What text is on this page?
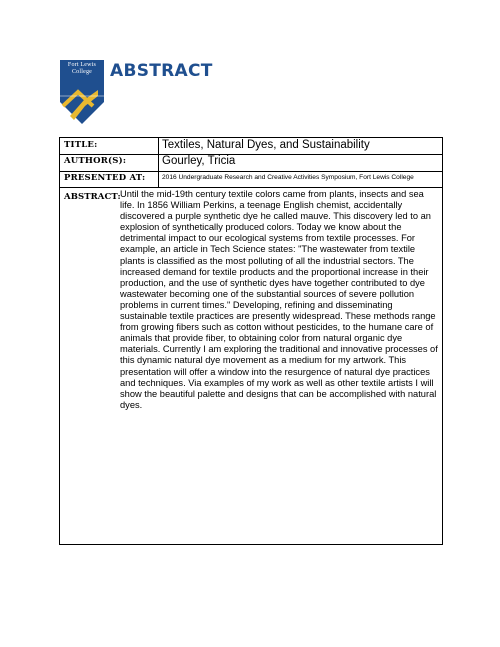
Fort Lewis College	ABSTRACT
TITLE:	Textiles, Natural Dyes, and Sustainability
AUTHOR(S):	Gourley, Tricia
PRESENTED AT:	2016 Undergraduate Research and Creative Activities Symposium, Fort Lewis College
ABSTRACT: Until the mid-19th century textile colors came from plants, insects and sea life. In 1856 William Perkins, a teenage English chemist, accidentally discovered a purple synthetic dye he called mauve. This discovery led to an explosion of synthetically produced colors. Today we know about the detrimental impact to our ecological systems from textile processes. For example, an article in Tech Science states: "The wastewater from textile plants is classified as the most polluting of all the industrial sectors. The increased demand for textile products and the proportional increase in their production, and the use of synthetic dyes have together contributed to dye wastewater becoming one of the substantial sources of severe pollution problems in current times." Developing, refining and disseminating sustainable textile practices are presently widespread. These methods range from growing fibers such as cotton without pesticides, to the humane care of animals that provide fiber, to obtaining color from natural organic dye materials. Currently I am exploring the traditional and innovative processes of this dynamic natural dye movement as a medium for my artwork. This presentation will offer a window into the resurgence of natural dye practices and techniques. Via examples of my work as well as other textile artists I will show the beautiful palette and designs that can be accomplished with natural dyes.
